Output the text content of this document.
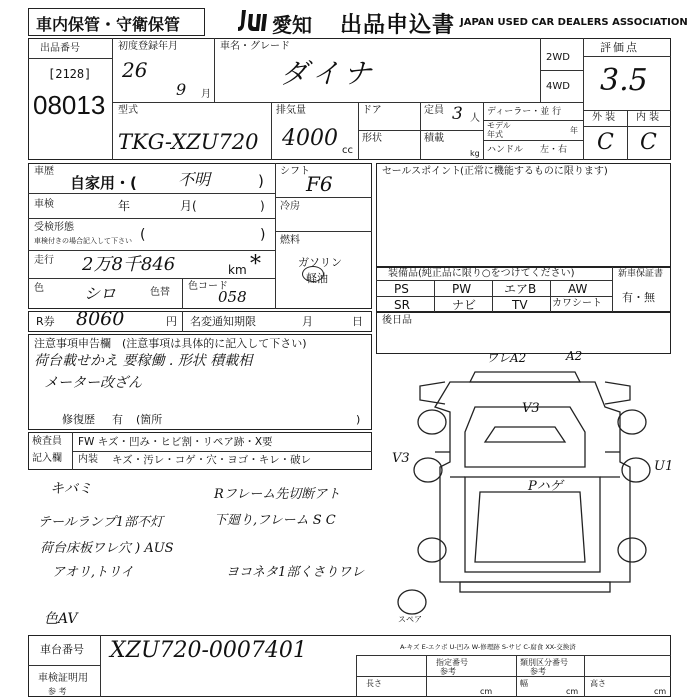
車内保管・守衛保管	愛知 出品申込書 JAPAN USED CAR DEALERS ASSOCIATION
出品番号
[2128]
08013
初度登録年月
26
9 月
車名・グレード
ダイナ	2WD
4WD
評価点
3.5
外 装 内 装
C C
型式
TKG-XZU720
排気量
4000 cc
ドア
形状
定員 3 人
積載
kg
ディーラー・並 行
モデル
年式	年
ハンドル 左・右
車歴
自家用・(	不明	)
車検	年	月(	)
受検形態
車検付きの場合記入して下さい (	)
走行 2万8千846	km *
色	シロ	色替
色コード
058
シフト
F6
冷房
燃料
ガソリン
軽油
セールスポイント
(正常に機能するものに限ります)
装備品 (純正品に限り○をつけてください)
PS	PW	エアB	AW
SR	ナビ	TV カワシート
新車保証書
有・無
R券 8060	円 名変通知期限	月	日 後日品
注意事項申告欄 (注意事項は具体的に記入して下さい)
荷台載せかえ 要稼働 . 形状 積載相
メーター改ざん
修復歴 有 (箇所	)
検査員
記入欄
FW キズ・凹み・ヒビ割・リペア跡・X要
内装 キズ・汚レ・コゲ・穴・ヨゴ・キレ・破レ
キバミ
テールランプ1部不灯
荷台床板ワレ穴 ) AUS
アオリ,トリイ
Rフレーム先切断アト
下廻り,フレーム S C
ヨコネタ1部くさりワレ
色AV
ワレA2	A2
V3
V3
Pハゲ
U1
スペア
A-キズ E-エクボ U-凹み W-修理跡 S-サビ C-腐食 XX-交換済
車台番号 XZU720-0007401
車検証明用
参 考
指定番号
参考
類別区分番号
参考
長さ
cm
幅
cm
高さ
cm
